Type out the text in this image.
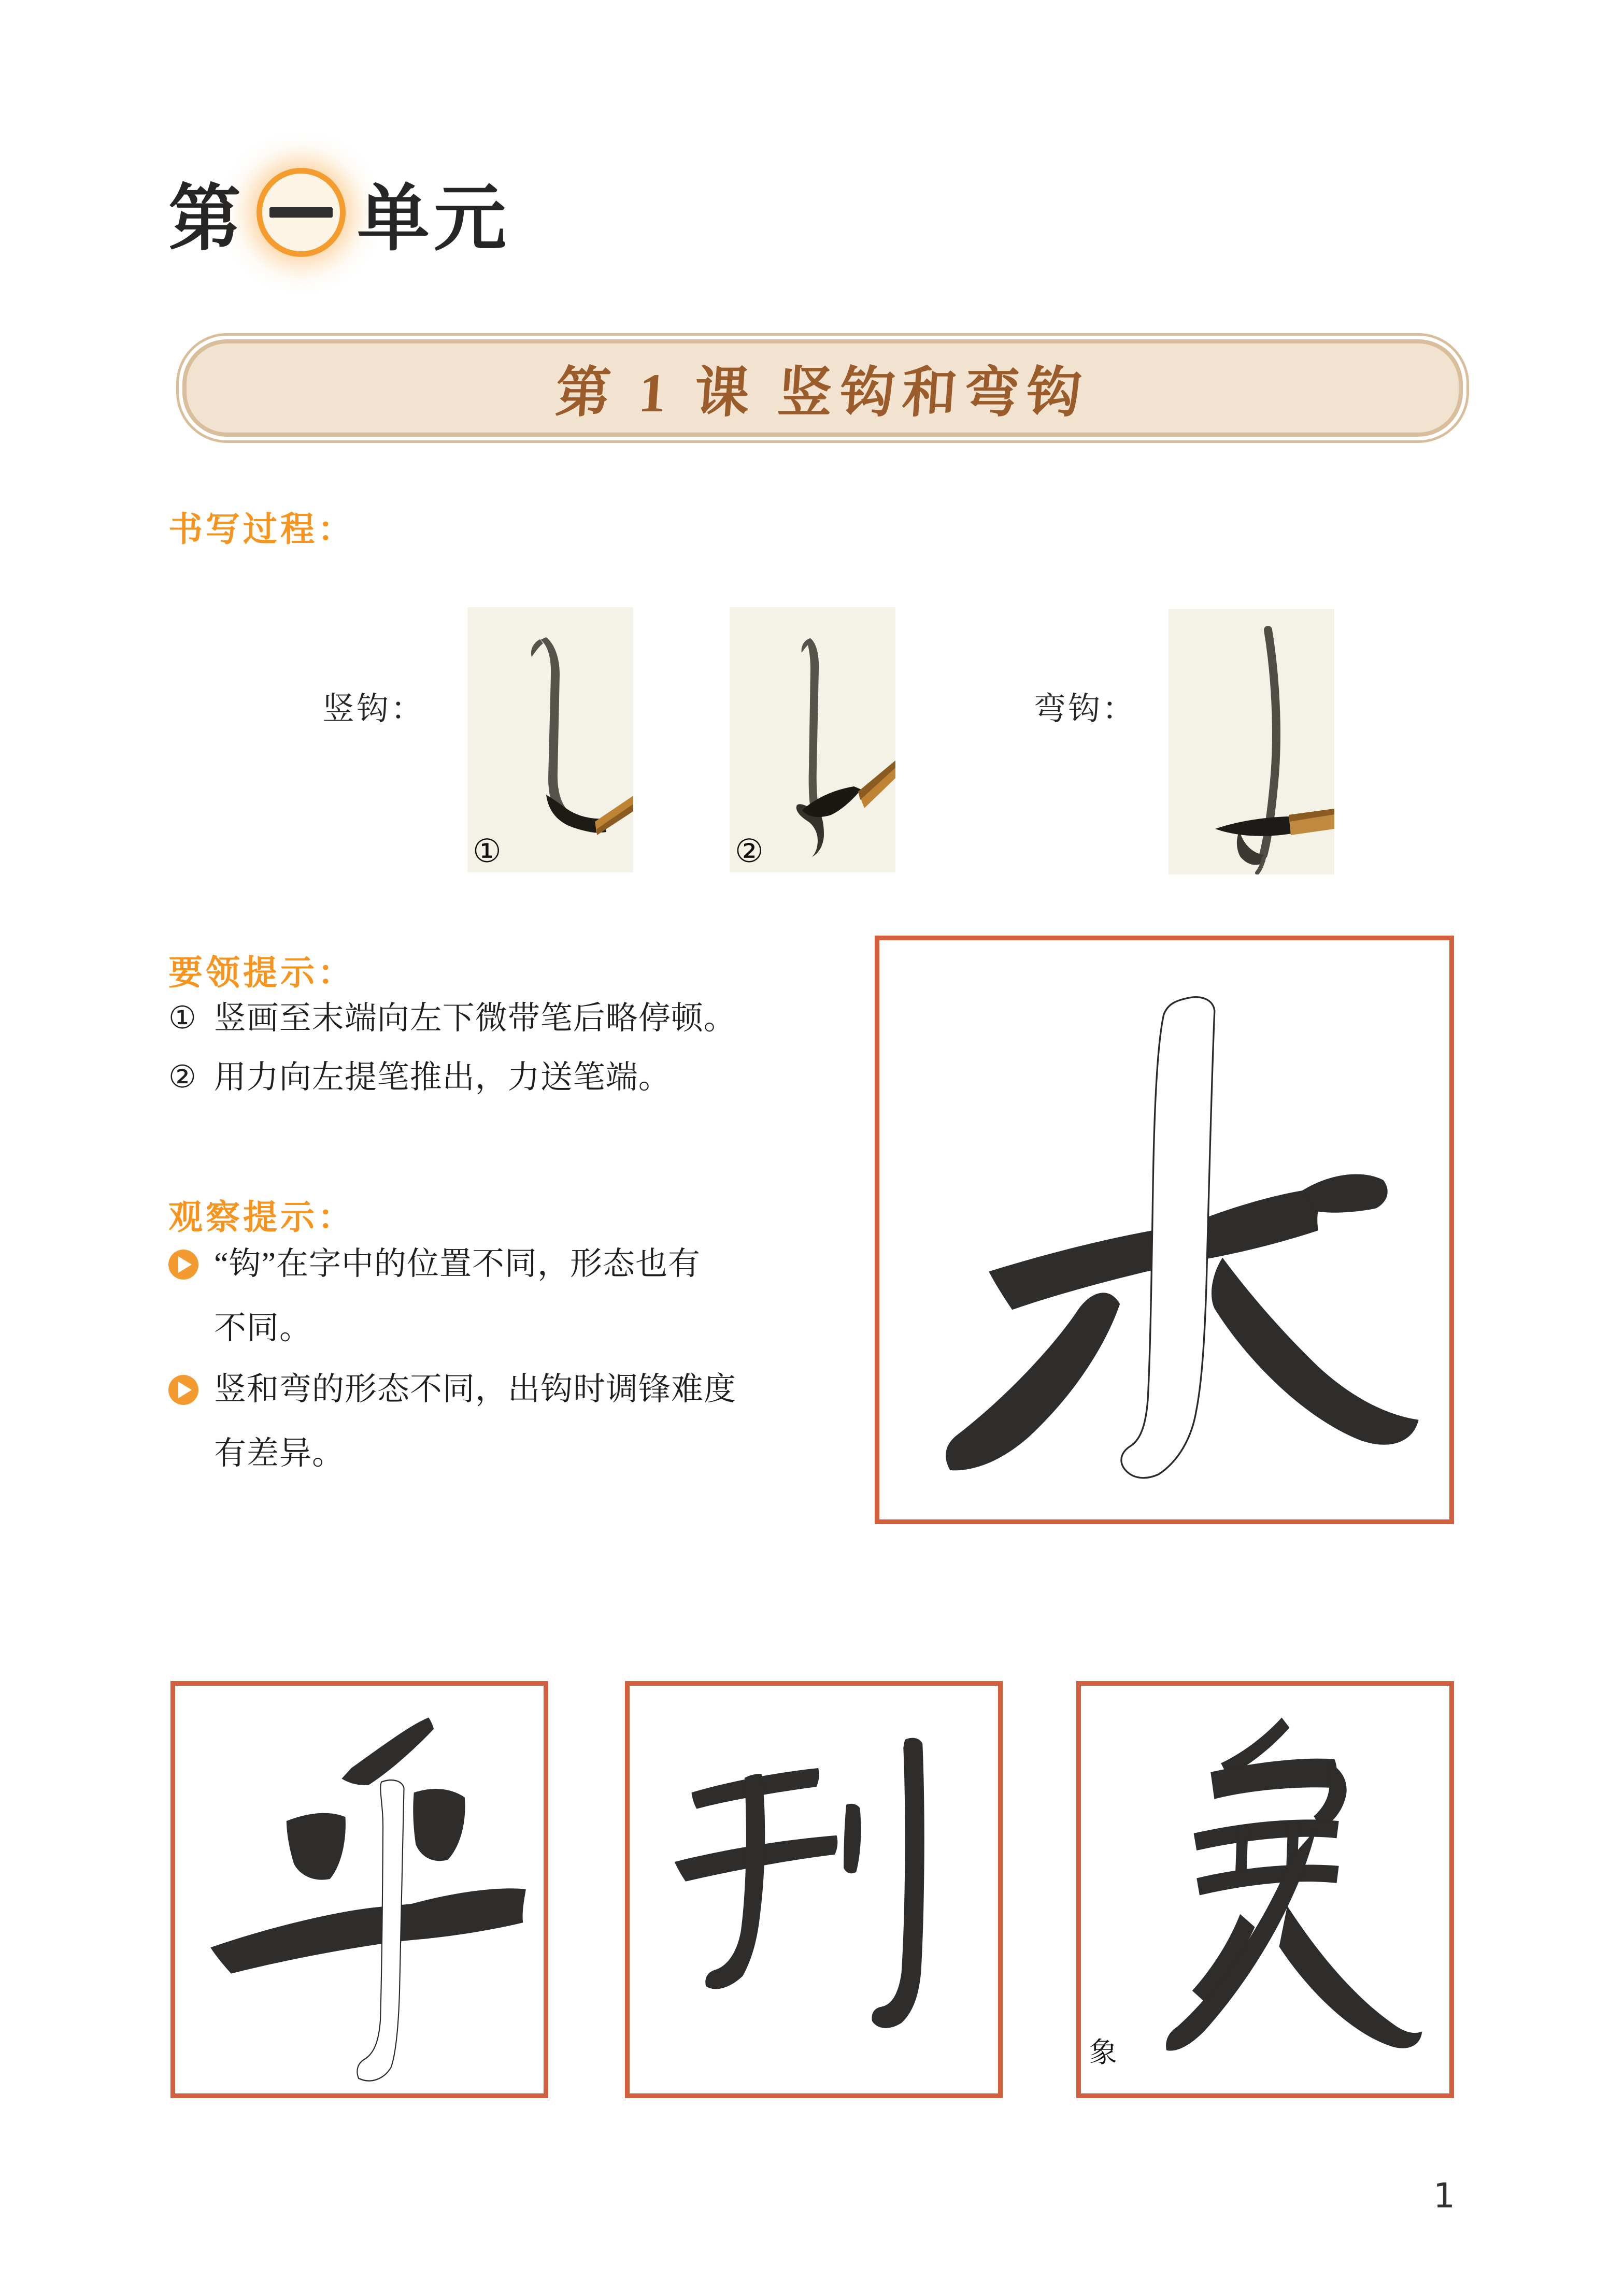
第 单元
第 1 课 竖钩和弯钩
书写过程：
竖钩：	弯钩：
①	②
要领提示：
① 竖画至末端向左下微带笔后略停顿。
② 用力向左提笔推出，力送笔端。
观察提示：
“钩”在字中的位置不同，形态也有
不同。
竖和弯的形态不同，出钩时调锋难度
有差异。
象
1
